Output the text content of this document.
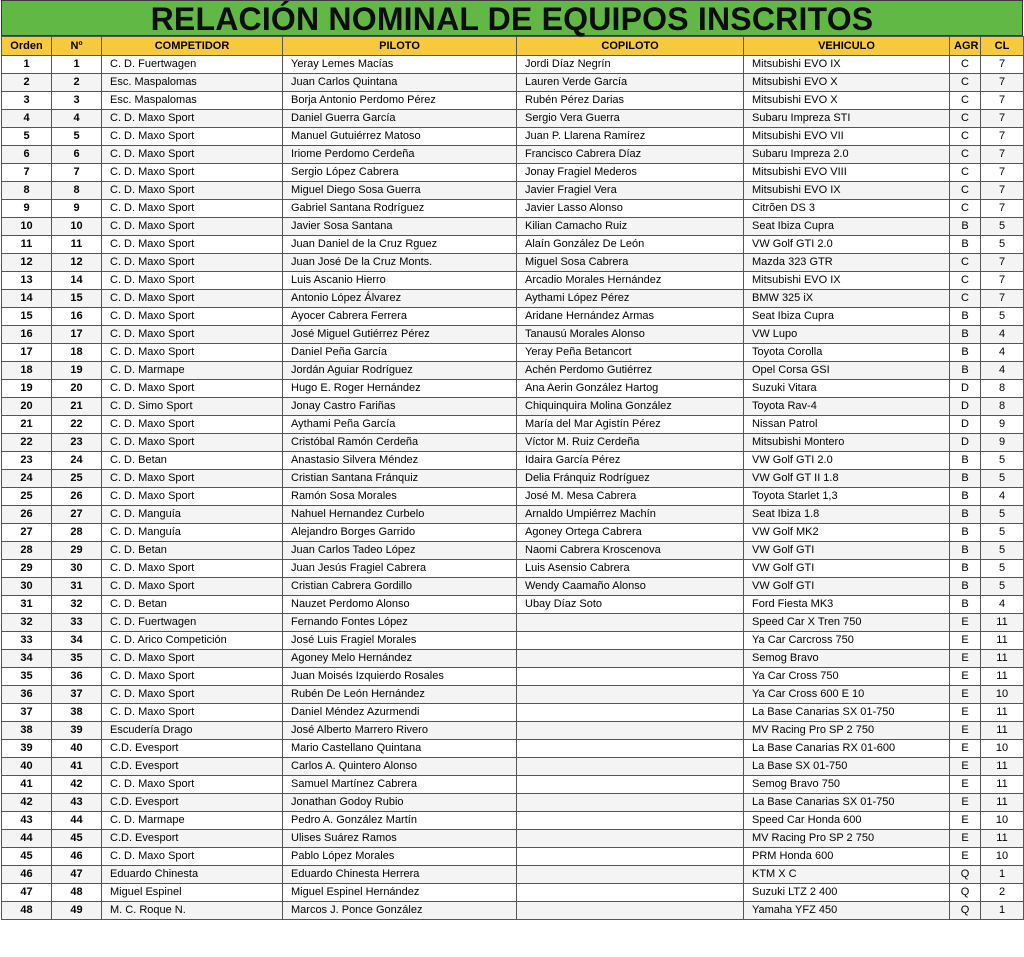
RELACIÓN NOMINAL DE EQUIPOS INSCRITOS
Orden	Nº	COMPETIDOR	PILOTO	COPILOTO	VEHICULO	AGR	CL
1	1	C. D. Fuertwagen	Yeray Lemes Macías	Jordi Díaz Negrín	Mitsubishi EVO IX	C	7
2	2	Esc. Maspalomas	Juan Carlos Quintana	Lauren Verde García	Mitsubishi EVO X	C	7
3	3	Esc. Maspalomas	Borja Antonio Perdomo Pérez	Rubén Pérez Darias	Mitsubishi EVO X	C	7
4	4	C. D. Maxo Sport	Daniel Guerra García	Sergio Vera Guerra	Subaru Impreza STI	C	7
5	5	C. D. Maxo Sport	Manuel Gutuiérrez Matoso	Juan P. Llarena Ramírez	Mitsubishi EVO VII	C	7
6	6	C. D. Maxo Sport	Iriome Perdomo Cerdeña	Francisco Cabrera Díaz	Subaru Impreza 2.0	C	7
7	7	C. D. Maxo Sport	Sergio López Cabrera	Jonay Fragiel Mederos	Mitsubishi EVO VIII	C	7
8	8	C. D. Maxo Sport	Miguel Diego Sosa Guerra	Javier Fragiel Vera	Mitsubishi EVO IX	C	7
9	9	C. D. Maxo Sport	Gabriel Santana Rodríguez	Javier Lasso Alonso	Citrõen DS 3	C	7
10	10	C. D. Maxo Sport	Javier Sosa Santana	Kilian Camacho Ruiz	Seat Ibiza Cupra	B	5
11	11	C. D. Maxo Sport	Juan Daniel de la Cruz Rguez	Alaín González De León	VW Golf GTI 2.0	B	5
12	12	C. D. Maxo Sport	Juan José De la Cruz Monts.	Miguel Sosa Cabrera	Mazda 323 GTR	C	7
13	14	C. D. Maxo Sport	Luis Ascanio Hierro	Arcadio Morales Hernández	Mitsubishi EVO IX	C	7
14	15	C. D. Maxo Sport	Antonio López Álvarez	Aythami López Pérez	BMW 325 iX	C	7
15	16	C. D. Maxo Sport	Ayocer Cabrera Ferrera	Aridane Hernández Armas	Seat Ibiza Cupra	B	5
16	17	C. D. Maxo Sport	José Miguel Gutiérrez Pérez	Tanausú Morales Alonso	VW Lupo	B	4
17	18	C. D. Maxo Sport	Daniel Peña García	Yeray Peña Betancort	Toyota Corolla	B	4
18	19	C. D. Marmape	Jordán Aguiar Rodríguez	Achén Perdomo Gutiérrez	Opel Corsa GSI	B	4
19	20	C. D. Maxo Sport	Hugo E. Roger Hernández	Ana Aerin González Hartog	Suzuki Vitara	D	8
20	21	C. D. Simo Sport	Jonay Castro Fariñas	Chiquinquira Molina González	Toyota Rav-4	D	8
21	22	C. D. Maxo Sport	Aythami Peña García	María del Mar Agistín Pérez	Nissan Patrol	D	9
22	23	C. D. Maxo Sport	Cristóbal Ramón Cerdeña	Víctor M. Ruiz Cerdeña	Mitsubishi Montero	D	9
23	24	C. D. Betan	Anastasio Silvera Méndez	Idaira García Pérez	VW Golf GTI 2.0	B	5
24	25	C. D. Maxo Sport	Cristian Santana Fránquiz	Delia Fránquiz Rodríguez	VW Golf GT II 1.8	B	5
25	26	C. D. Maxo Sport	Ramón Sosa Morales	José M. Mesa Cabrera	Toyota Starlet 1,3	B	4
26	27	C. D. Manguía	Nahuel Hernandez Curbelo	Arnaldo Umpiérrez Machín	Seat Ibiza 1.8	B	5
27	28	C. D. Manguía	Alejandro Borges Garrido	Agoney Ortega Cabrera	VW Golf MK2	B	5
28	29	C. D. Betan	Juan Carlos Tadeo López	Naomi Cabrera Kroscenova	VW Golf GTI	B	5
29	30	C. D. Maxo Sport	Juan Jesús Fragiel Cabrera	Luis Asensio Cabrera	VW Golf GTI	B	5
30	31	C. D. Maxo Sport	Cristian Cabrera Gordillo	Wendy Caamaño Alonso	VW Golf GTI	B	5
31	32	C. D. Betan	Nauzet Perdomo Alonso	Ubay Díaz Soto	Ford Fiesta MK3	B	4
32	33	C. D. Fuertwagen	Fernando Fontes López		Speed Car X Tren 750	E	11
33	34	C. D. Arico Competición	José Luis Fragiel Morales		Ya Car Carcross 750	E	11
34	35	C. D. Maxo Sport	Agoney Melo Hernández		Semog Bravo	E	11
35	36	C. D. Maxo Sport	Juan Moisés Izquierdo Rosales		Ya Car Cross 750	E	11
36	37	C. D. Maxo Sport	Rubén De León Hernández		Ya Car Cross 600 E 10	E	10
37	38	C. D. Maxo Sport	Daniel Méndez Azurmendi		La Base Canarias SX 01-750	E	11
38	39	Escudería Drago	José Alberto Marrero Rivero		MV Racing Pro SP 2 750	E	11
39	40	C.D. Evesport	Mario Castellano Quintana		La Base Canarias RX 01-600	E	10
40	41	C.D. Evesport	Carlos A. Quintero Alonso		La Base SX 01-750	E	11
41	42	C. D. Maxo Sport	Samuel Martínez Cabrera		Semog Bravo 750	E	11
42	43	C.D. Evesport	Jonathan Godoy Rubio		La Base Canarias SX 01-750	E	11
43	44	C. D. Marmape	Pedro A. González Martín		Speed Car Honda 600	E	10
44	45	C.D. Evesport	Ulises Suárez Ramos		MV Racing Pro SP 2 750	E	11
45	46	C. D. Maxo Sport	Pablo López Morales		PRM Honda 600	E	10
46	47	Eduardo Chinesta	Eduardo Chinesta Herrera		KTM X C	Q	1
47	48	Miguel Espinel	Miguel Espinel Hernández		Suzuki LTZ 2 400	Q	2
48	49	M. C. Roque N.	Marcos J. Ponce González		Yamaha YFZ 450	Q	1
